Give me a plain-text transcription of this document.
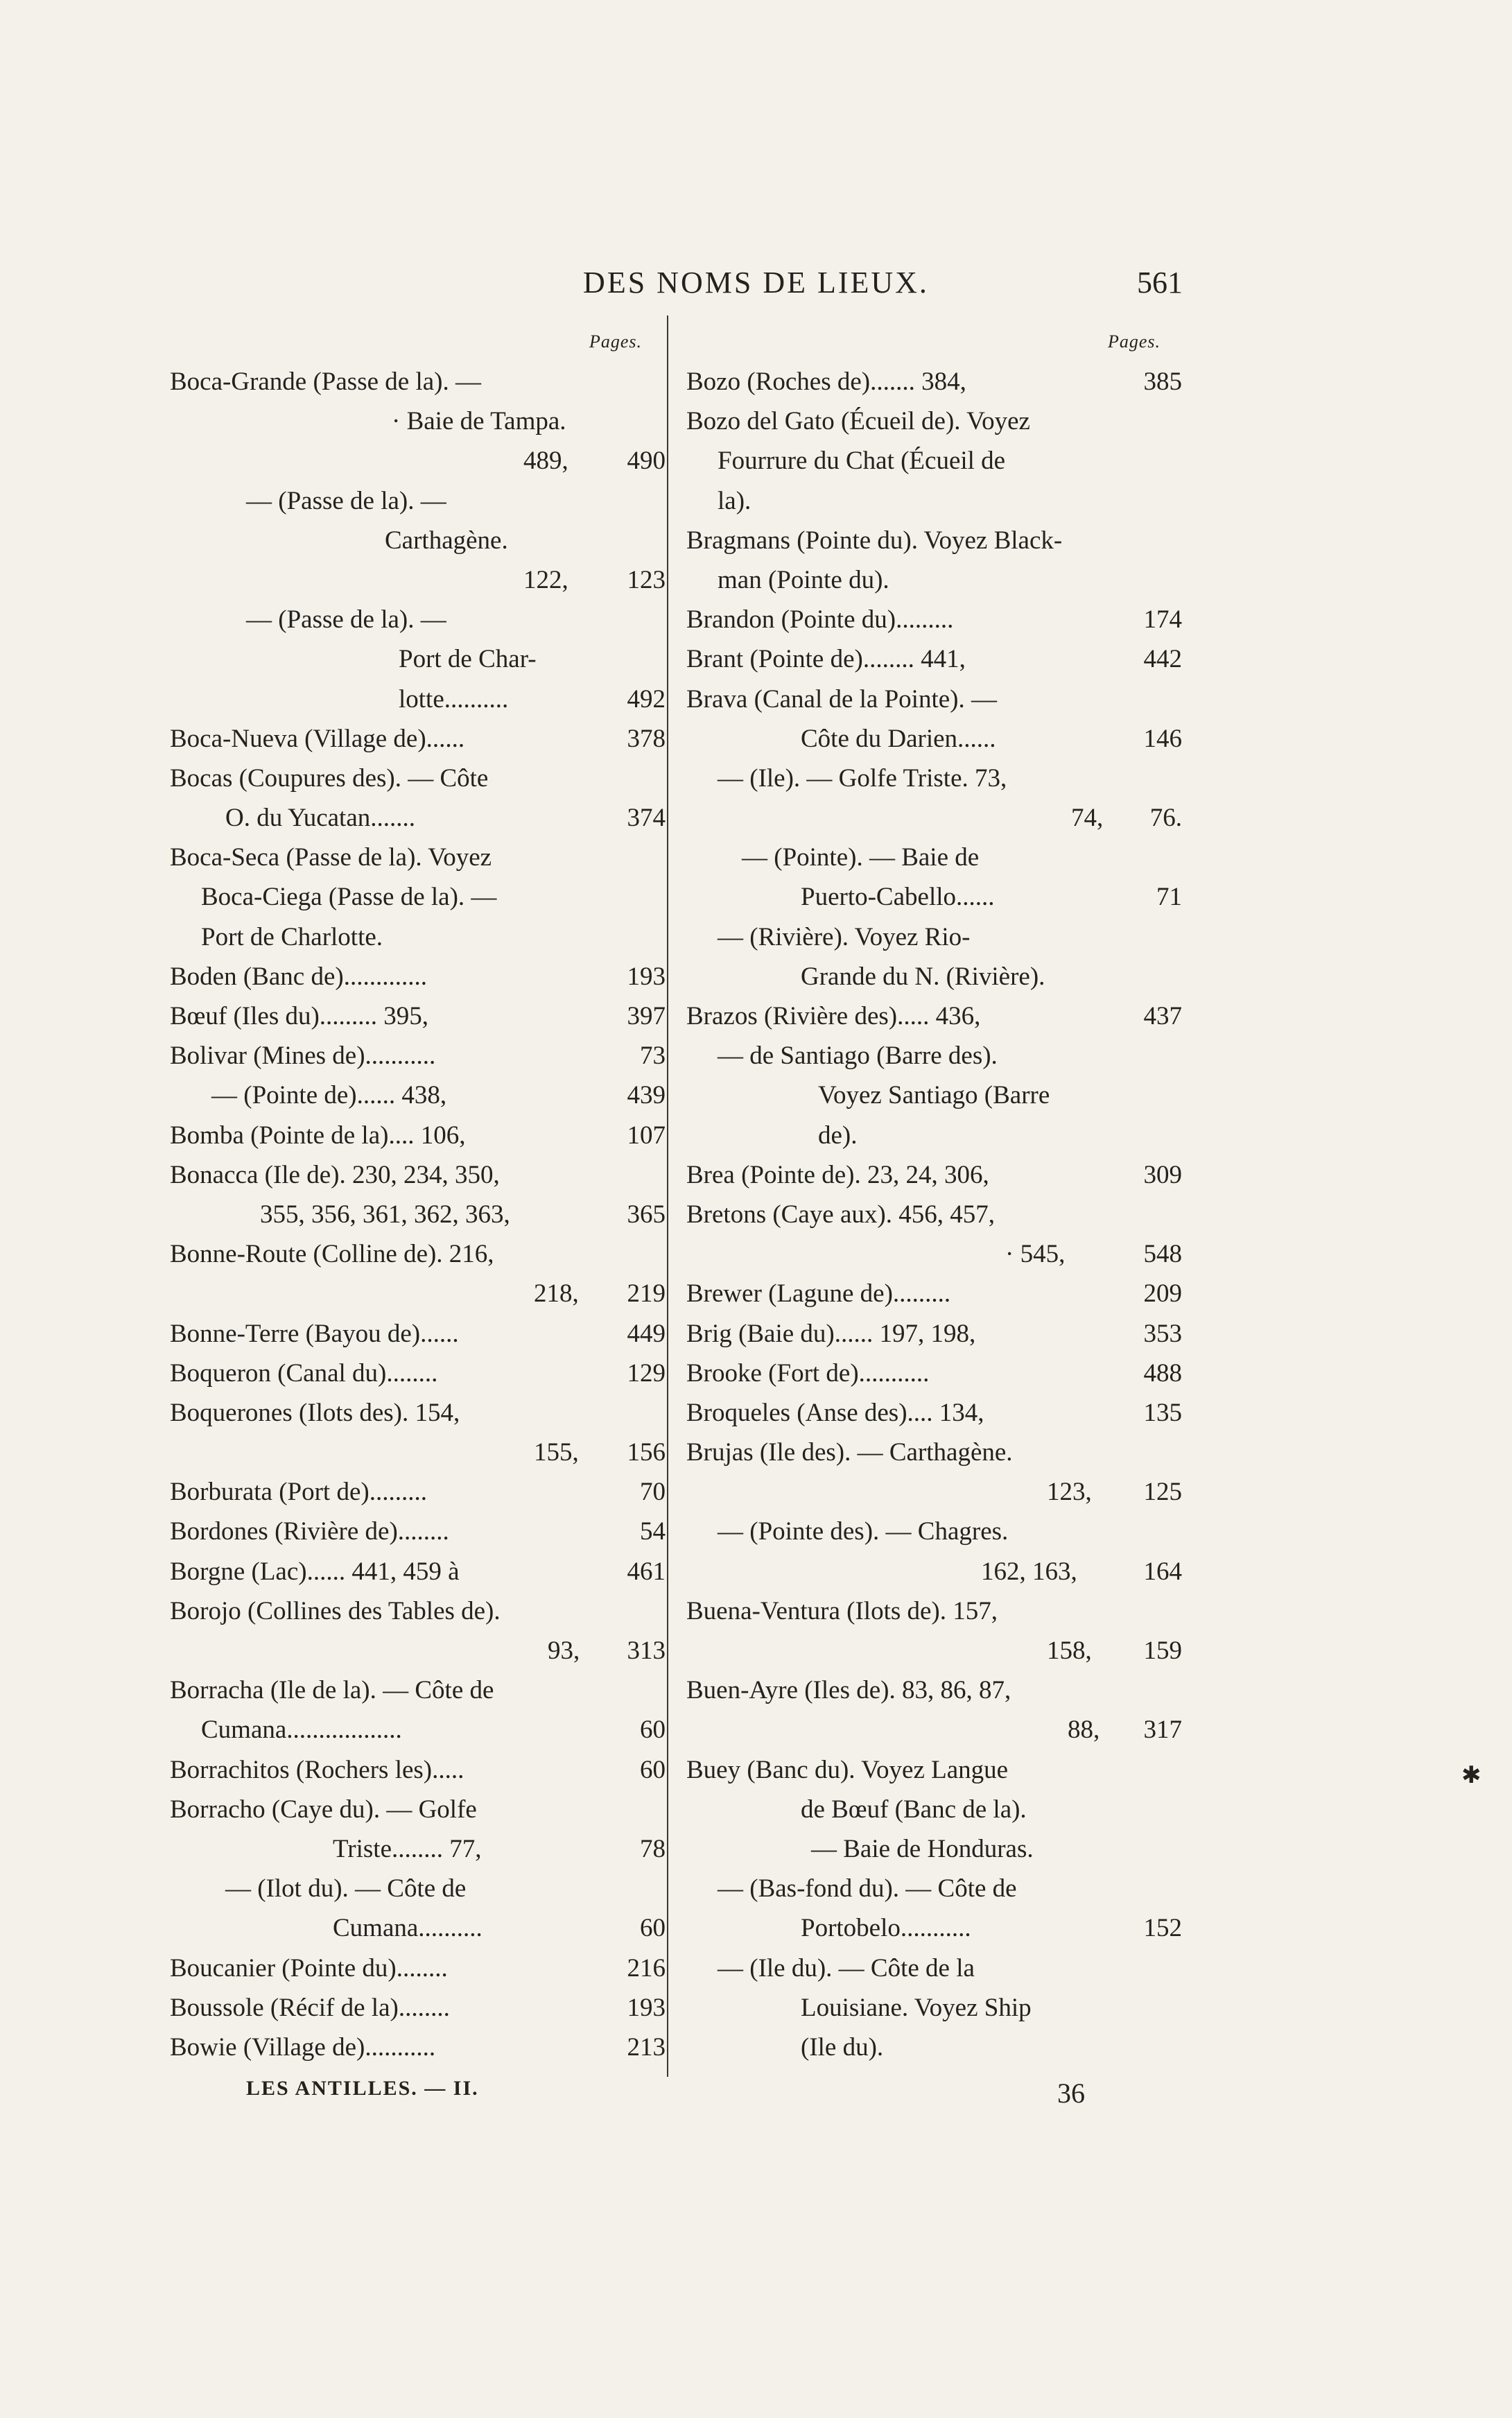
DES NOMS DE LIEUX.	561
Pages.	Pages.
Boca-Grande (Passe de la). —
· Baie de Tampa.
489, 490
— (Passe de la). —
Carthagène.
122, 123
— (Passe de la). —
Port de Char-
lotte..........	492
Boca-Nueva (Village de)......	378
Bocas (Coupures des). — Côte
O. du Yucatan.......	374
Boca-Seca (Passe de la). Voyez
Boca-Ciega (Passe de la). —
Port de Charlotte.
Boden (Banc de).............	193
Bœuf (Iles du)......... 395,	397
Bolivar (Mines de)...........	73
— (Pointe de)...... 438,	439
Bomba (Pointe de la).... 106,	107
Bonacca (Ile de). 230, 234, 350,
355, 356, 361, 362, 363,	365
Bonne-Route (Colline de). 216,
218, 219
Bonne-Terre (Bayou de)......	449
Boqueron (Canal du)........	129
Boquerones (Ilots des). 154,
155, 156
Borburata (Port de).........	70
Bordones (Rivière de)........	54
Borgne (Lac)...... 441, 459 à	461
Borojo (Collines des Tables de).
93, 313
Borracha (Ile de la). — Côte de
Cumana..................	60
Borrachitos (Rochers les).....	60
Borracho (Caye du). — Golfe
Triste........ 77,	78
— (Ilot du). — Côte de
Cumana..........	60
Boucanier (Pointe du)........	216
Boussole (Récif de la)........	193
Bowie (Village de)...........	213
Bozo (Roches de)....... 384,	385
Bozo del Gato (Écueil de). Voyez
Fourrure du Chat (Écueil de
la).
Bragmans (Pointe du). Voyez Black-
man (Pointe du).
Brandon (Pointe du).........	174
Brant (Pointe de)........ 441,	442
Brava (Canal de la Pointe). —
Côte du Darien......	146
— (Ile). — Golfe Triste. 73,
74, 76.
— (Pointe). — Baie de
Puerto-Cabello......	71
— (Rivière). Voyez Rio-
Grande du N. (Rivière).
Brazos (Rivière des)..... 436,	437
— de Santiago (Barre des).
Voyez Santiago (Barre
de).
Brea (Pointe de). 23, 24, 306,	309
Bretons (Caye aux). 456, 457,
· 545,	548
Brewer (Lagune de).........	209
Brig (Baie du)...... 197, 198,	353
Brooke (Fort de)...........	488
Broqueles (Anse des).... 134,	135
Brujas (Ile des). — Carthagène.
123, 125
— (Pointe des). — Chagres.
162, 163,	164
Buena-Ventura (Ilots de). 157,
158, 159
Buen-Ayre (Iles de). 83, 86, 87,
88, 317
Buey (Banc du). Voyez Langue
de Bœuf (Banc de la).
— Baie de Honduras.
— (Bas-fond du). — Côte de
Portobelo...........	152
— (Ile du). — Côte de la
Louisiane. Voyez Ship
(Ile du).
LES ANTILLES. — II.	36
✱
